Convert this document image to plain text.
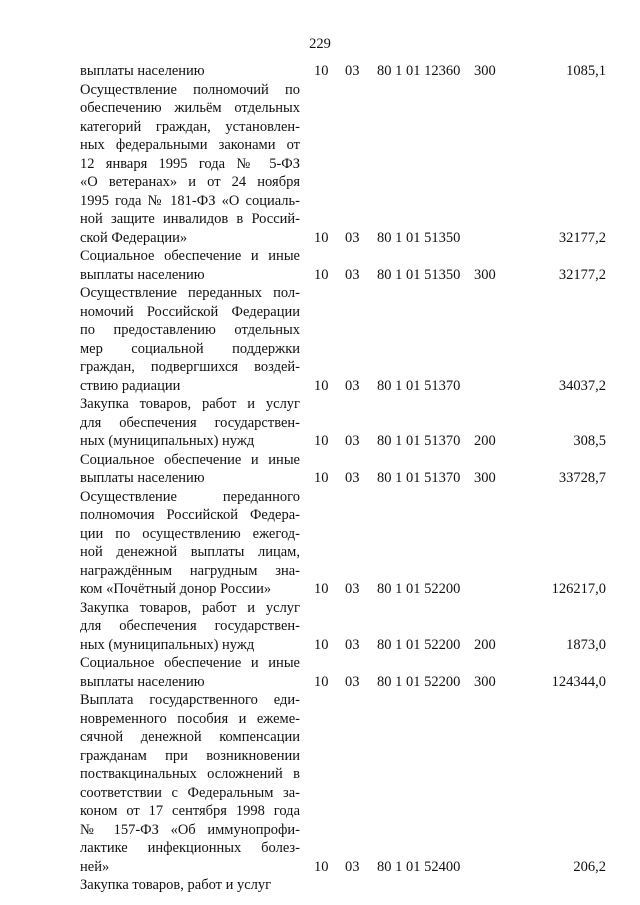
229
выплаты населению	10 03 80 1 01 12360 300	1085,1
Осуществление полномочий по
обеспечению жильём отдельных
категорий граждан, установлен-
ных федеральными законами от
12 января 1995 года № 5-ФЗ
«О ветеранах» и от 24 ноября
1995 года № 181-ФЗ «О социаль-
ной защите инвалидов в Россий-
ской Федерации»	10 03 80 1 01 51350	32177,2
Социальное обеспечение и иные
выплаты населению	10 03 80 1 01 51350 300	32177,2
Осуществление переданных пол-
номочий Российской Федерации
по предоставлению отдельных
мер социальной поддержки
граждан, подвергшихся воздей-
ствию радиации	10 03 80 1 01 51370	34037,2
Закупка товаров, работ и услуг
для обеспечения государствен-
ных (муниципальных) нужд	10 03 80 1 01 51370 200	308,5
Социальное обеспечение и иные
выплаты населению	10 03 80 1 01 51370 300	33728,7
Осуществление переданного
полномочия Российской Федера-
ции по осуществлению ежегод-
ной денежной выплаты лицам,
награждённым нагрудным зна-
ком «Почётный донор России»	10 03 80 1 01 52200	126217,0
Закупка товаров, работ и услуг
для обеспечения государствен-
ных (муниципальных) нужд	10 03 80 1 01 52200 200	1873,0
Социальное обеспечение и иные
выплаты населению	10 03 80 1 01 52200 300	124344,0
Выплата государственного еди-
новременного пособия и ежеме-
сячной денежной компенсации
гражданам при возникновении
поствакцинальных осложнений в
соответствии с Федеральным за-
коном от 17 сентября 1998 года
№ 157-ФЗ «Об иммунопрофи-
лактике инфекционных болез-
ней»	10 03 80 1 01 52400	206,2
Закупка товаров, работ и услуг
